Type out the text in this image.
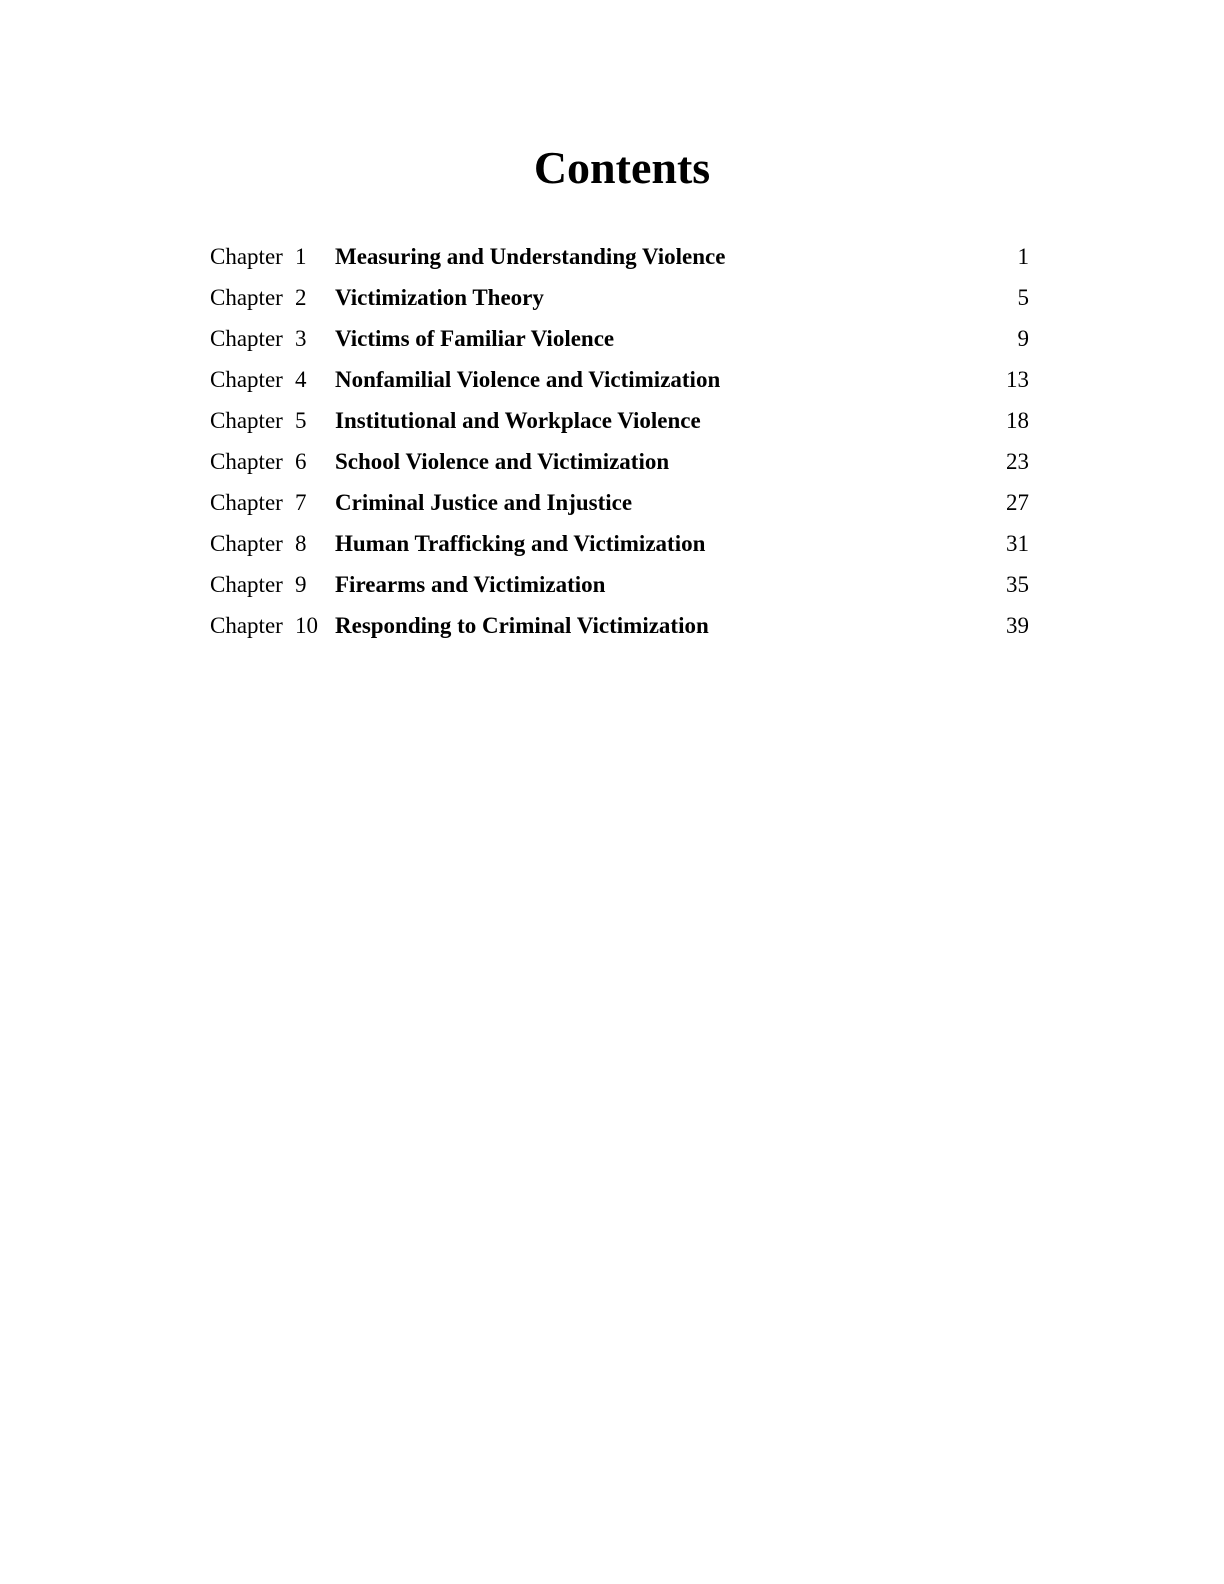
Contents
Chapter 1 Measuring and Understanding Violence	1
Chapter 2 Victimization Theory	5
Chapter 3 Victims of Familiar Violence	9
Chapter 4 Nonfamilial Violence and Victimization	13
Chapter 5 Institutional and Workplace Violence	18
Chapter 6 School Violence and Victimization	23
Chapter 7 Criminal Justice and Injustice	27
Chapter 8 Human Trafficking and Victimization	31
Chapter 9 Firearms and Victimization	35
Chapter 10 Responding to Criminal Victimization	39
